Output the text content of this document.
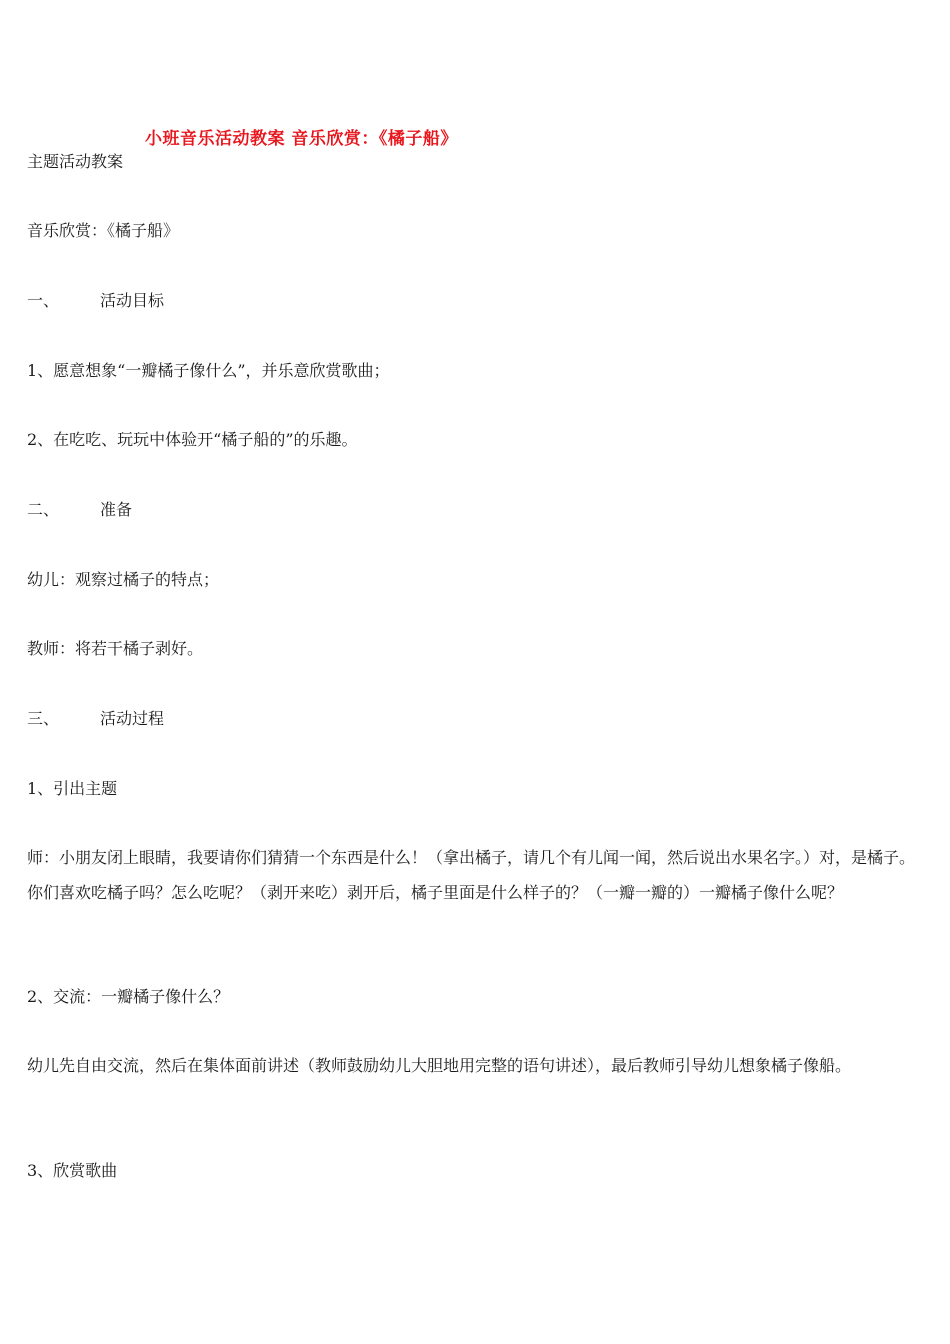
小班音乐活动教案 音乐欣赏：《橘子船》
主题活动教案
音乐欣赏：《橘子船》
一、	活动目标
1、愿意想象“一瓣橘子像什么”，并乐意欣赏歌曲；
2、在吃吃、玩玩中体验开“橘子船的”的乐趣。
二、	准备
幼儿：观察过橘子的特点；
教师：将若干橘子剥好。
三、	活动过程
1、引出主题
师：小朋友闭上眼睛，我要请你们猜猜一个东西是什么！（拿出橘子，请几个有儿闻一闻，然后说出水果名字。）对，是橘子。你们喜欢吃橘子吗？怎么吃呢？（剥开来吃）剥开后，橘子里面是什么样子的？（一瓣一瓣的）一瓣橘子像什么呢？
2、交流：一瓣橘子像什么？
幼儿先自由交流，然后在集体面前讲述（教师鼓励幼儿大胆地用完整的语句讲述），最后教师引导幼儿想象橘子像船。
3、欣赏歌曲
